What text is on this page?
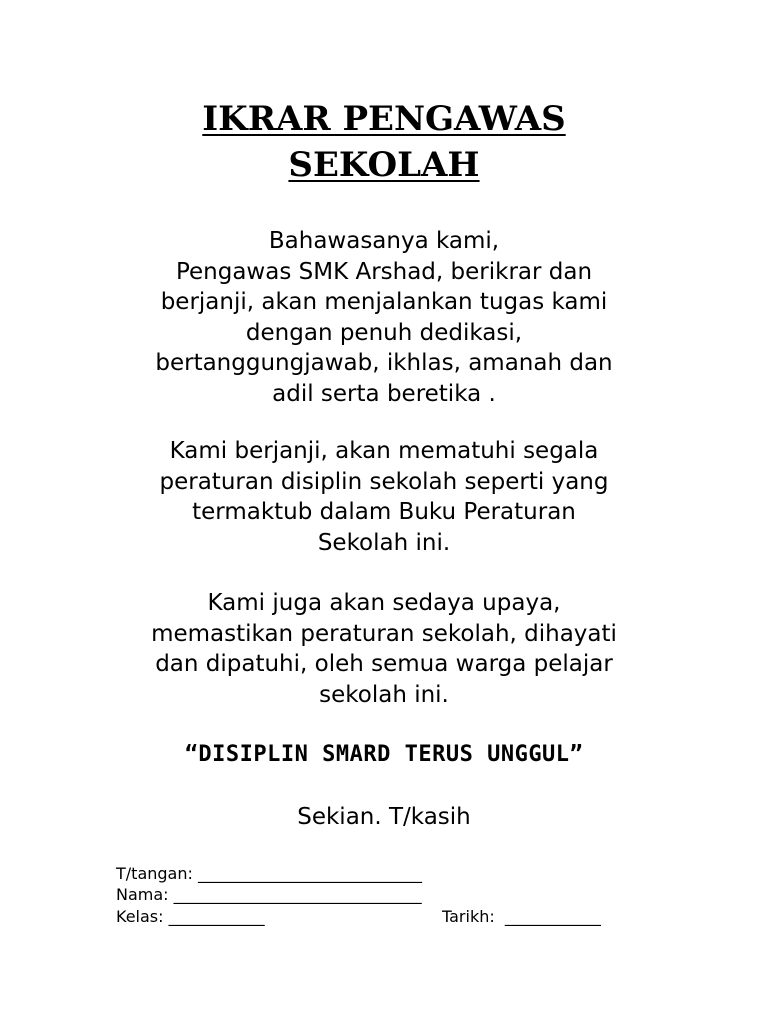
IKRAR PENGAWAS
SEKOLAH
Bahawasanya kami,
Pengawas SMK Arshad, berikrar dan
berjanji, akan menjalankan tugas kami
dengan penuh dedikasi,
bertanggungjawab, ikhlas, amanah dan
adil serta beretika .
Kami berjanji, akan mematuhi segala
peraturan disiplin sekolah seperti yang
termaktub dalam Buku Peraturan
Sekolah ini.
Kami juga akan sedaya upaya,
memastikan peraturan sekolah, dihayati
dan dipatuhi, oleh semua warga pelajar
sekolah ini.
“DISIPLIN SMARD TERUS UNGGUL”
Sekian. T/kasih
T/tangan: ____________________________
Nama: _______________________________
Kelas: ____________	Tarikh:  ____________
